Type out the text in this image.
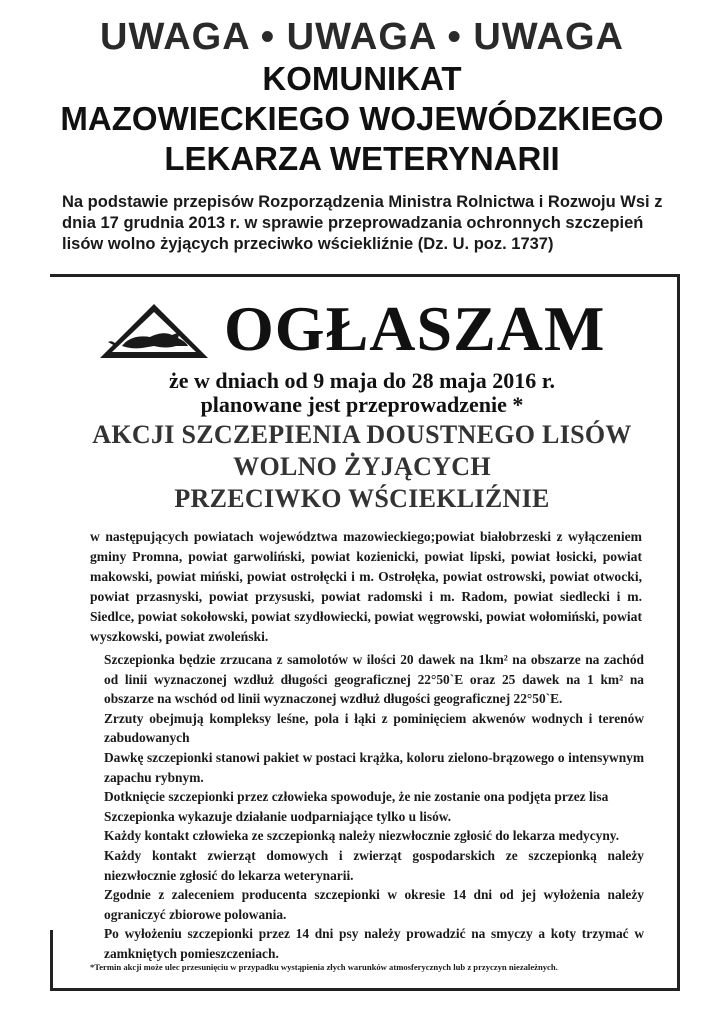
UWAGA • UWAGA • UWAGA
KOMUNIKAT
MAZOWIECKIEGO WOJEWÓDZKIEGO
LEKARZA WETERYNARII
Na podstawie przepisów Rozporządzenia Ministra Rolnictwa i Rozwoju Wsi z dnia 17 grudnia 2013 r. w sprawie przeprowadzania ochronnych szczepień lisów wolno żyjących przeciwko wściekliźnie (Dz. U. poz. 1737)
OGŁASZAM
że w dniach od 9 maja do 28 maja 2016 r.
planowane jest przeprowadzenie *
AKCJI SZCZEPIENIA DOUSTNEGO LISÓW
WOLNO ŻYJĄCYCH
PRZECIWKO WŚCIEKLIŹNIE
w następujących powiatach województwa mazowieckiego;powiat białobrzeski z wyłączeniem gminy Promna, powiat garwoliński, powiat kozienicki, powiat lipski, powiat łosicki, powiat makowski, powiat miński, powiat ostrołęcki i m. Ostrołęka, powiat ostrowski, powiat otwocki, powiat przasnyski, powiat przysuski, powiat radomski i m. Radom, powiat siedlecki i m. Siedlce, powiat sokołowski, powiat szydłowiecki, powiat węgrowski, powiat wołomiński, powiat wyszkowski, powiat zwoleński.

Szczepionka będzie zrzucana z samolotów w ilości 20 dawek na 1km² na obszarze na zachód od linii wyznaczonej wzdłuż długości geograficznej 22°50`E oraz 25 dawek na 1 km² na obszarze na wschód od linii wyznaczonej wzdłuż długości geograficznej 22°50`E.

Zrzuty obejmują kompleksy leśne, pola i łąki z pominięciem akwenów wodnych i terenów zabudowanych

Dawkę szczepionki stanowi pakiet w postaci krążka, koloru zielono-brązowego o intensywnym zapachu rybnym.

Dotknięcie szczepionki przez człowieka spowoduje, że nie zostanie ona podjęta przez lisa

Szczepionka wykazuje działanie uodparniające tylko u lisów.

Każdy kontakt człowieka ze szczepionką należy niezwłocznie zgłosić do lekarza medycyny.

Każdy kontakt zwierząt domowych i zwierząt gospodarskich ze szczepionką należy niezwłocznie zgłosić do lekarza weterynarii.

Zgodnie z zaleceniem producenta szczepionki w okresie 14 dni od jej wyłożenia należy ograniczyć zbiorowe polowania.

Po wyłożeniu szczepionki przez 14 dni psy należy prowadzić na smyczy a koty trzymać w zamkniętych pomieszczeniach.

*Termin akcji może ulec przesunięciu w przypadku wystąpienia złych warunków atmosferycznych lub z przyczyn niezależnych.
